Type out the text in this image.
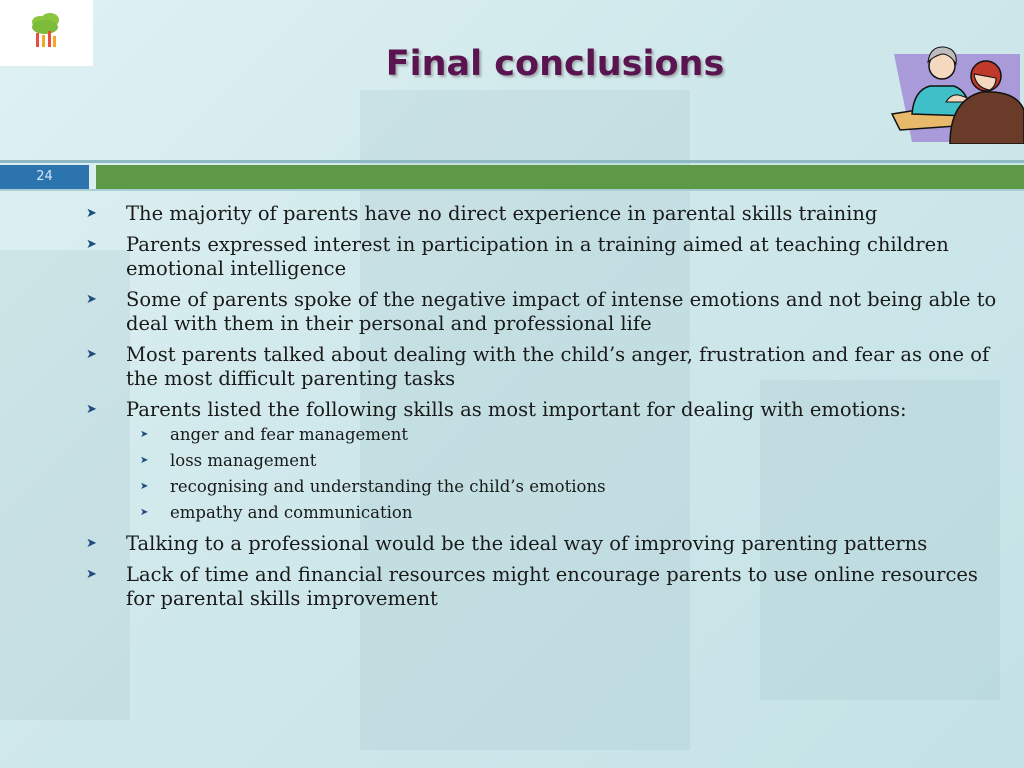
Final conclusions
24
➤ The majority of parents have no direct experience in parental skills training
➤ Parents expressed interest in participation in a training aimed at teaching children emotional intelligence
➤ Some of parents spoke of the negative impact of intense emotions and not being able to deal with them in their personal and professional life
➤ Most parents talked about dealing with the child’s anger, frustration and fear as one of the most difficult parenting tasks
➤ Parents listed the following skills as most important for dealing with emotions:
➤ anger and fear management
➤ loss management
➤ recognising and understanding the child’s emotions
➤ empathy and communication
➤ Talking to a professional would be the ideal way of improving parenting patterns
➤ Lack of time and financial resources might encourage parents to use online resources for parental skills improvement
